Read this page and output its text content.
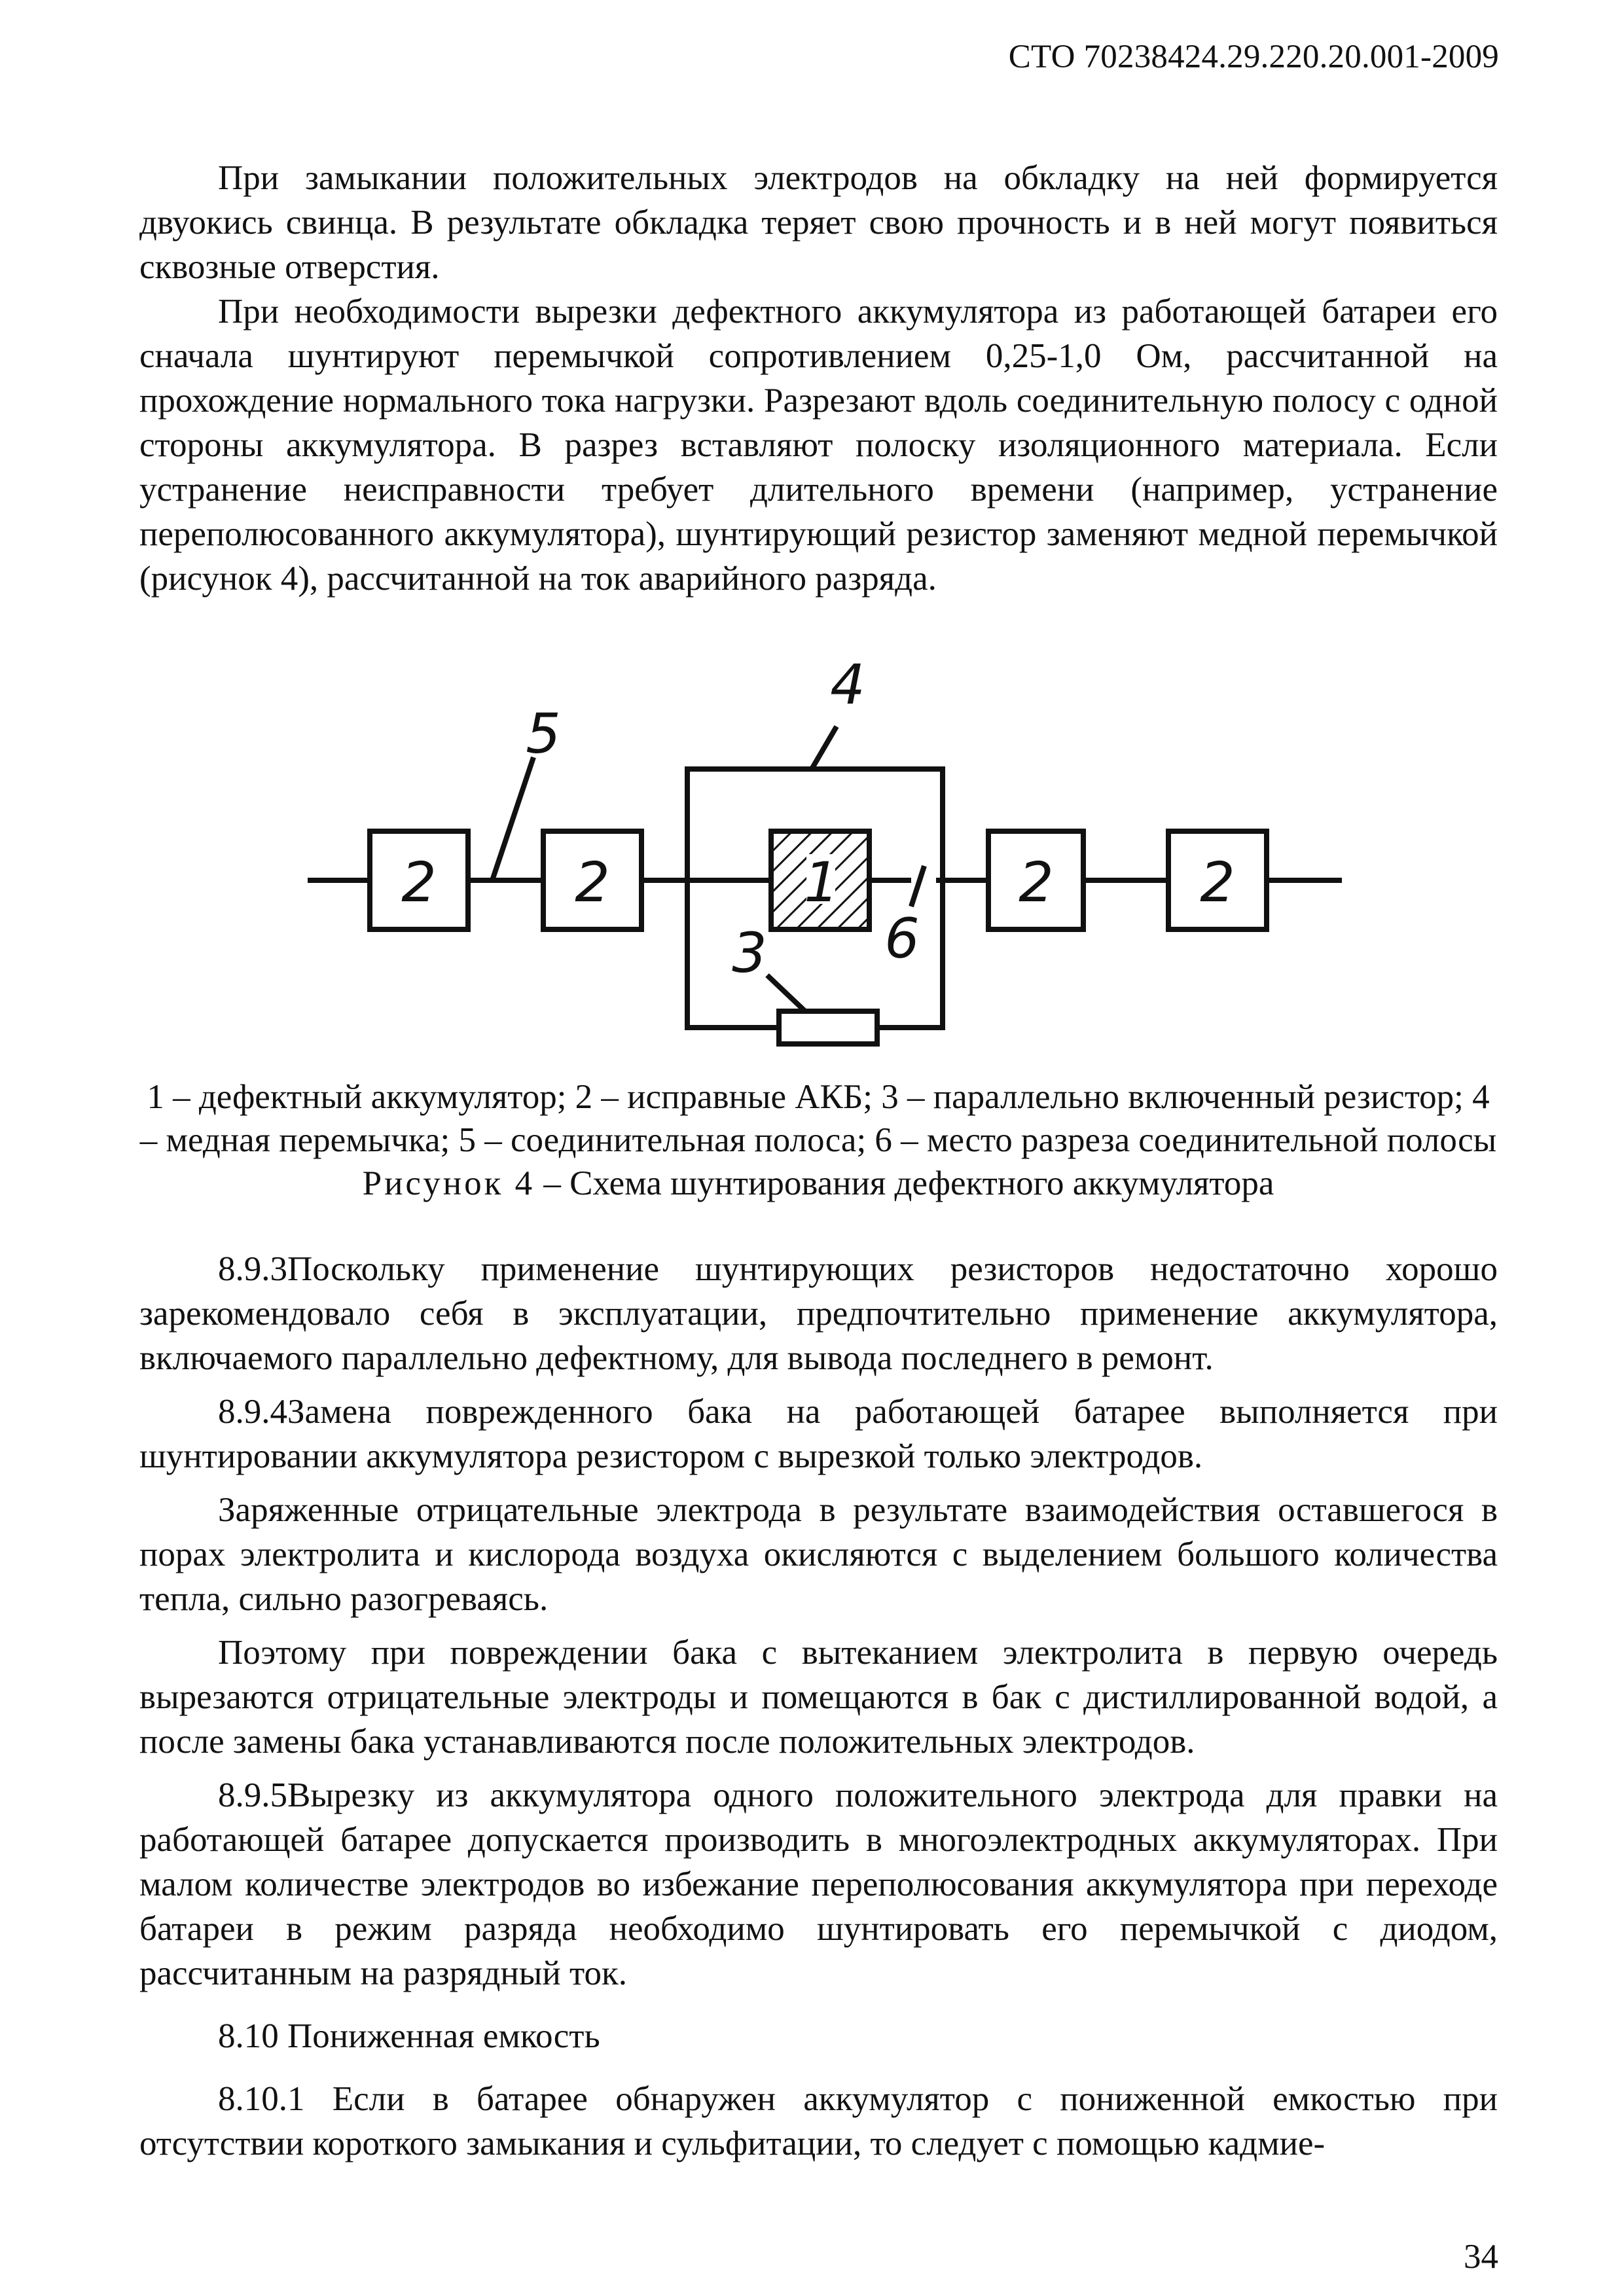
СТО 70238424.29.220.20.001-2009

При замыкании положительных электродов на обкладку на ней формируется двуокись свинца. В результате обкладка теряет свою прочность и в ней могут появиться сквозные отверстия.

При необходимости вырезки дефектного аккумулятора из работающей батареи его сначала шунтируют перемычкой сопротивлением 0,25-1,0 Ом, рассчитанной на прохождение нормального тока нагрузки. Разрезают вдоль соединительную полосу с одной стороны аккумулятора. В разрез вставляют полоску изоляционного материала. Если устранение неисправности требует длительного времени (например, устранение переполюсованного аккумулятора), шунтирующий резистор заменяют медной перемычкой (рисунок 4), рассчитанной на ток аварийного разряда.

1
2	2	2	2
3
4
5
6
1 – дефектный аккумулятор; 2 – исправные АКБ; 3 – параллельно включенный резистор; 4 – медная перемычка; 5 – соединительная полоса; 6 – место разреза соединительной полосы
Рисунок 4 – Схема шунтирования дефектного аккумулятора

8.9.3Поскольку применение шунтирующих резисторов недостаточно хорошо зарекомендовало себя в эксплуатации, предпочтительно применение аккумулятора, включаемого параллельно дефектному, для вывода последнего в ремонт.

8.9.4Замена поврежденного бака на работающей батарее выполняется при шунтировании аккумулятора резистором с вырезкой только электродов.

Заряженные отрицательные электрода в результате взаимодействия оставшегося в порах электролита и кислорода воздуха окисляются с выделением большого количества тепла, сильно разогреваясь.

Поэтому при повреждении бака с вытеканием электролита в первую очередь вырезаются отрицательные электроды и помещаются в бак с дистиллированной водой, а после замены бака устанавливаются после положительных электродов.

8.9.5Вырезку из аккумулятора одного положительного электрода для правки на работающей батарее допускается производить в многоэлектродных аккумуляторах. При малом количестве электродов во избежание переполюсования аккумулятора при переходе батареи в режим разряда необходимо шунтировать его перемычкой с диодом, рассчитанным на разрядный ток.

8.10 Пониженная емкость

8.10.1 Если в батарее обнаружен аккумулятор с пониженной емкостью при отсутствии короткого замыкания и сульфитации, то следует с помощью кадмие-

34
